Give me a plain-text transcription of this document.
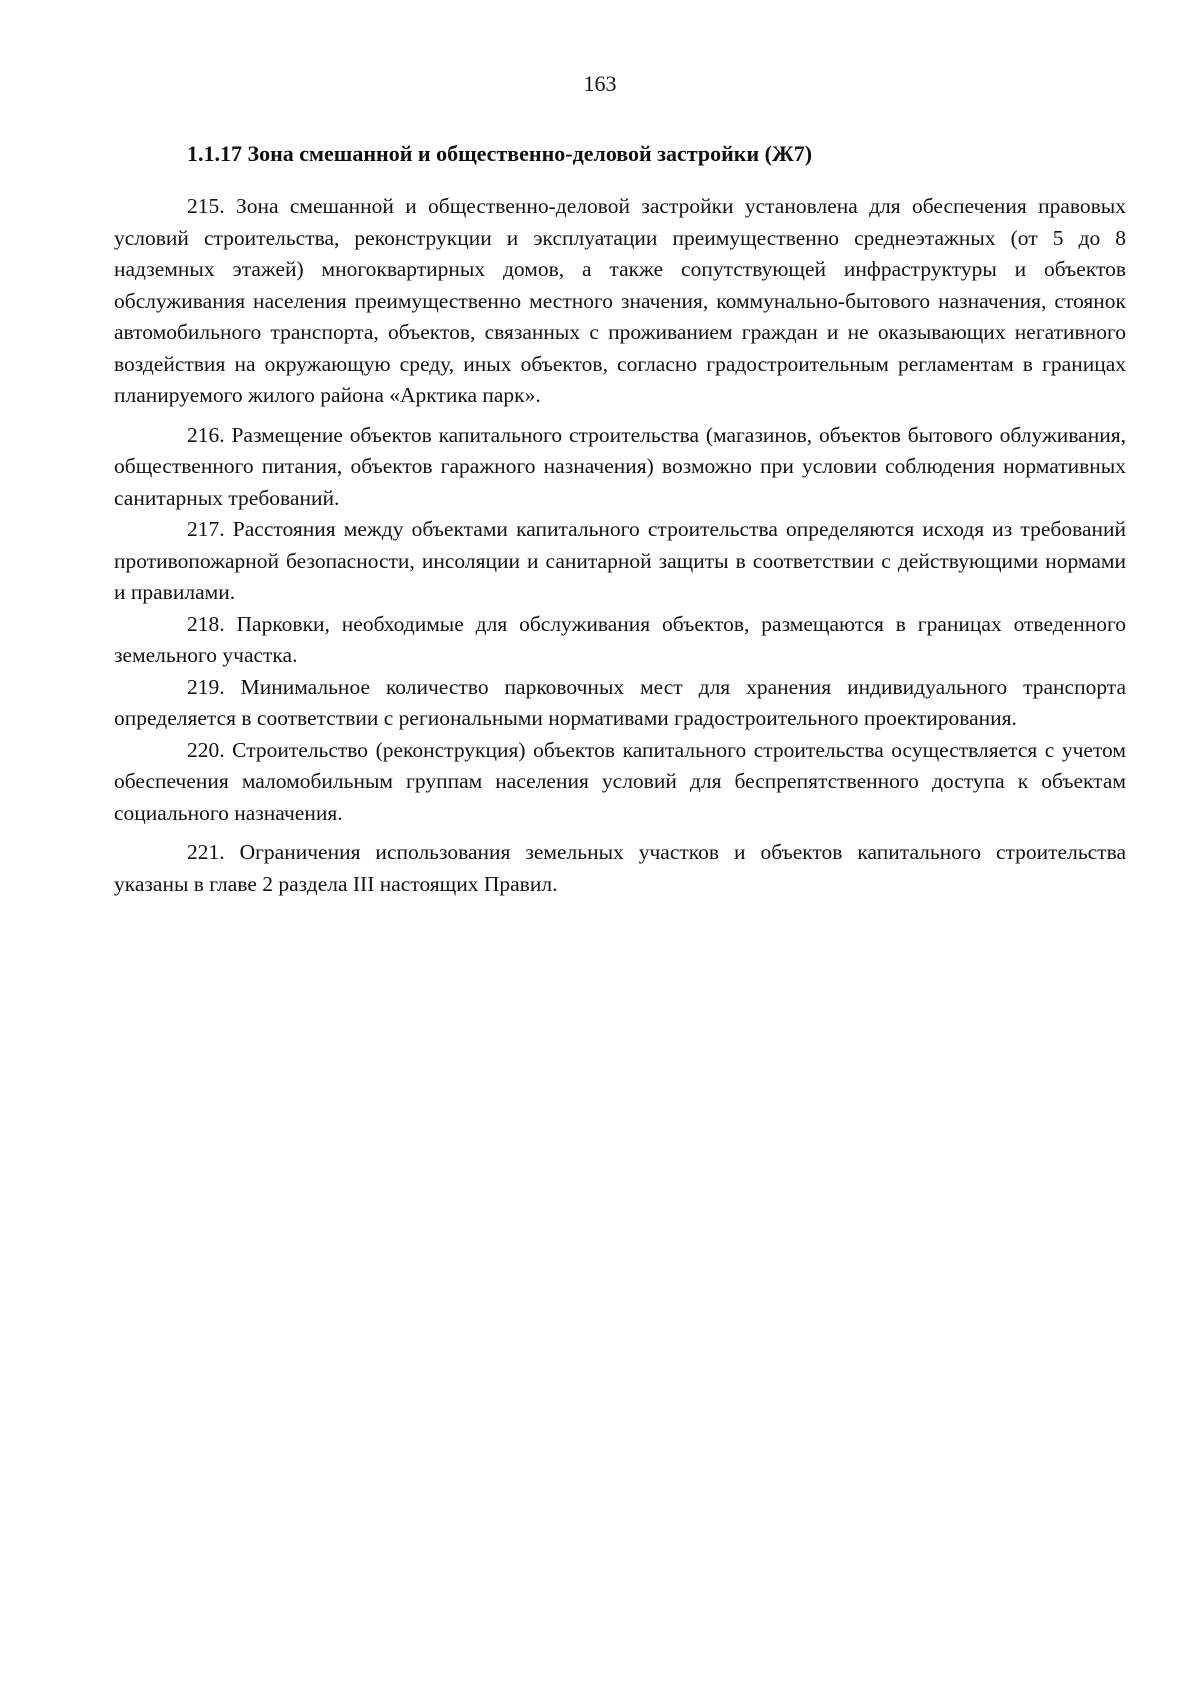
163
1.1.17 Зона смешанной и общественно-деловой застройки (Ж7)

215. Зона смешанной и общественно-деловой застройки установлена для обеспечения правовых условий строительства, реконструкции и эксплуатации преимущественно среднеэтажных (от 5 до 8 надземных этажей) многоквартирных домов, а также сопутствующей инфраструктуры и объектов обслуживания населения преимущественно местного значения, коммунально-бытового назначения, стоянок автомобильного транспорта, объектов, связанных с проживанием граждан и не оказывающих негативного воздействия на окружающую среду, иных объектов, согласно градостроительным регламентам в границах планируемого жилого района «Арктика парк».

216. Размещение объектов капитального строительства (магазинов, объектов бытового облуживания, общественного питания, объектов гаражного назначения) возможно при условии соблюдения нормативных санитарных требований.

217. Расстояния между объектами капитального строительства определяются исходя из требований противопожарной безопасности, инсоляции и санитарной защиты в соответствии с действующими нормами и правилами.

218. Парковки, необходимые для обслуживания объектов, размещаются в границах отведенного земельного участка.

219. Минимальное количество парковочных мест для хранения индивидуального транспорта определяется в соответствии с региональными нормативами градостроительного проектирования.

220. Строительство (реконструкция) объектов капитального строительства осуществляется с учетом обеспечения маломобильным группам населения условий для беспрепятственного доступа к объектам социального назначения.

221. Ограничения использования земельных участков и объектов капитального строительства указаны в главе 2 раздела III настоящих Правил.
